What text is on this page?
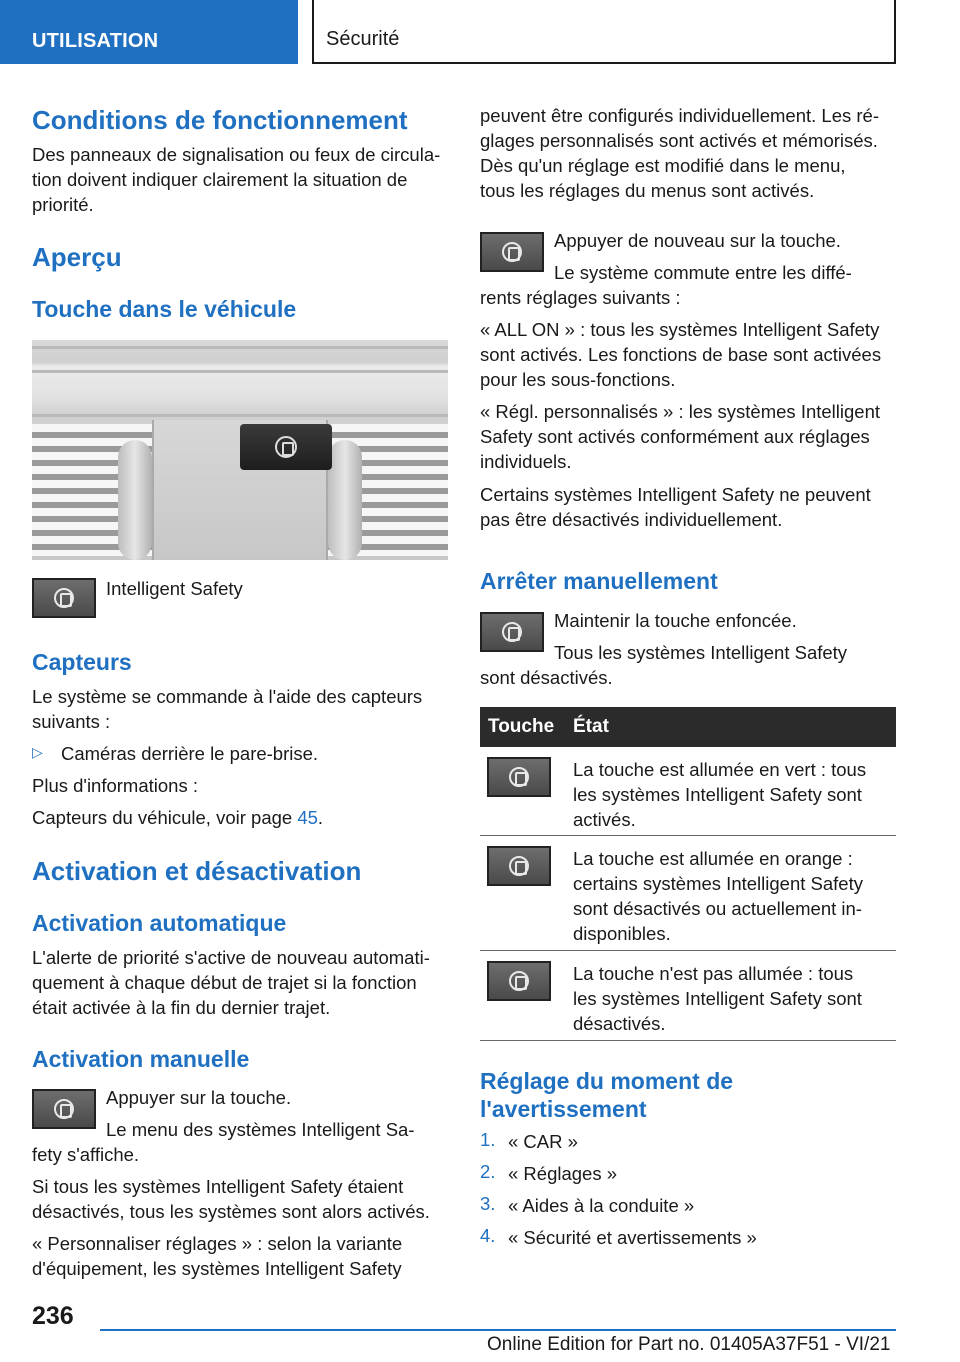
UTILISATION	Sécurité
Conditions de fonctionnement
Des panneaux de signalisation ou feux de circula-
tion doivent indiquer clairement la situation de
priorité.
Aperçu
Touche dans le véhicule
Intelligent Safety
Capteurs
Le système se commande à l'aide des capteurs
suivants :
▷ Caméras derrière le pare-brise.
Plus d'informations :
Capteurs du véhicule, voir page 45.
Activation et désactivation
Activation automatique
L'alerte de priorité s'active de nouveau automati-
quement à chaque début de trajet si la fonction
était activée à la fin du dernier trajet.
Activation manuelle
Appuyer sur la touche.
Le menu des systèmes Intelligent Sa-
fety s'affiche.
Si tous les systèmes Intelligent Safety étaient
désactivés, tous les systèmes sont alors activés.
« Personnaliser réglages » : selon la variante
d'équipement, les systèmes Intelligent Safety
peuvent être configurés individuellement. Les ré-
glages personnalisés sont activés et mémorisés.
Dès qu'un réglage est modifié dans le menu,
tous les réglages du menus sont activés.
Appuyer de nouveau sur la touche.
Le système commute entre les diffé-
rents réglages suivants :
« ALL ON » : tous les systèmes Intelligent Safety
sont activés. Les fonctions de base sont activées
pour les sous-fonctions.
« Régl. personnalisés » : les systèmes Intelligent
Safety sont activés conformément aux réglages
individuels.
Certains systèmes Intelligent Safety ne peuvent
pas être désactivés individuellement.
Arrêter manuellement
Maintenir la touche enfoncée.
Tous les systèmes Intelligent Safety
sont désactivés.
Touche État
La touche est allumée en vert : tous
les systèmes Intelligent Safety sont
activés.
La touche est allumée en orange :
certains systèmes Intelligent Safety
sont désactivés ou actuellement in-
disponibles.
La touche n'est pas allumée : tous
les systèmes Intelligent Safety sont
désactivés.
Réglage du moment de
l'avertissement
1. « CAR »
2. « Réglages »
3. « Aides à la conduite »
4. « Sécurité et avertissements »
236
Online Edition for Part no. 01405A37F51 - VI/21
